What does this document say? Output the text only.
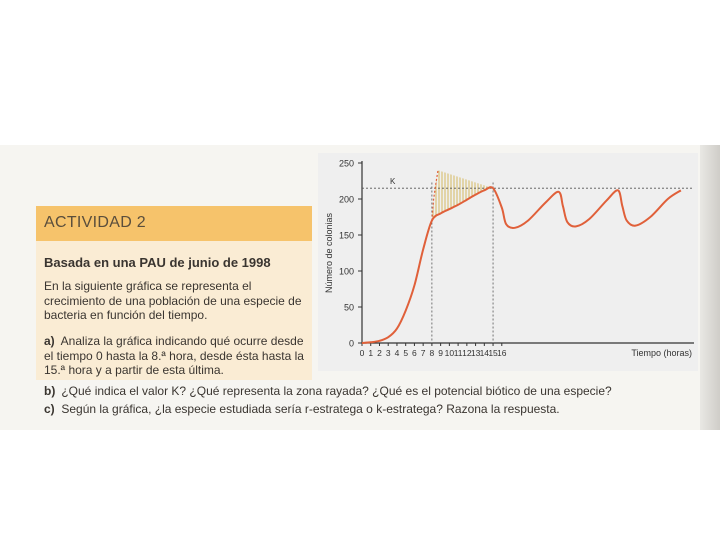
ACTIVIDAD 2
Basada en una PAU de junio de 1998

En la siguiente gráfica se representa el crecimiento de una población de una especie de bacteria en función del tiempo.

a) Analiza la gráfica indicando qué ocurre desde el tiempo 0 hasta la 8.ª hora, desde ésta hasta la 15.ª hora y a partir de esta última.
b) ¿Qué indica el valor K? ¿Qué representa la zona rayada? ¿Qué es el potencial biótico de una especie?
c) Según la gráfica, ¿la especie estudiada sería r-estratega o k-estratega? Razona la respuesta.
0
50
100
150
200
250
0 1 2 3 4 5 6 7 8 9 10 11 12 13 14 15 16
Número de colonias
Tiempo (horas)
K
